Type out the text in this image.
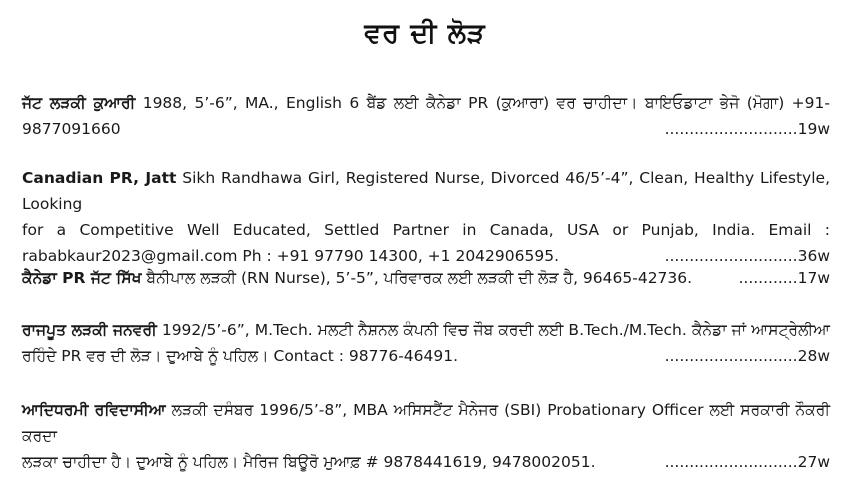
ਵਰ ਦੀ ਲੋੜ

ਜੱਟ ਲੜਕੀ ਕੁਆਰੀ 1988, 5’-6”, MA., English 6 ਬੈਂਡ ਲਈ ਕੈਨੇਡਾ PR (ਕੁਆਰਾ) ਵਰ ਚਾਹੀਦਾ। ਬਾਇਓਡਾਟਾ ਭੇਜੋ (ਮੋਗਾ) +91-

9877091660	...........................19w

Canadian PR, Jatt Sikh Randhawa Girl, Registered Nurse, Divorced 46/5’-4”, Clean, Healthy Lifestyle, Looking

for a Competitive Well Educated, Settled Partner in Canada, USA or Punjab, India. Email :

rababkaur2023@gmail.com Ph : +91 97790 14300, +1 2042906595.	...........................36w

ਕੈਨੇਡਾ PR ਜੱਟ ਸਿੱਖ ਬੈਨੀਪਾਲ ਲੜਕੀ (RN Nurse), 5’-5”, ਪਰਿਵਾਰਕ ਲਈ ਲੜਕੀ ਦੀ ਲੋੜ ਹੈ, 96465-42736.	............17w

ਰਾਜਪੂਤ ਲੜਕੀ ਜਨਵਰੀ 1992/5’-6”, M.Tech. ਮਲਟੀ ਨੈਸ਼ਨਲ ਕੰਪਨੀ ਵਿਚ ਜੌਬ ਕਰਦੀ ਲਈ B.Tech./M.Tech. ਕੈਨੇਡਾ ਜਾਂ ਆਸਟ੍ਰੇਲੀਆ

ਰਹਿੰਦੇ PR ਵਰ ਦੀ ਲੋੜ। ਦੁਆਬੇ ਨੂੰ ਪਹਿਲ। Contact : 98776-46491.	...........................28w

ਆਦਿਧਰਮੀ ਰਵਿਦਾਸੀਆ ਲੜਕੀ ਦਸੰਬਰ 1996/5’-8”, MBA ਅਸਿਸਟੈਂਟ ਮੈਨੇਜਰ (SBI) Probationary Officer ਲਈ ਸਰਕਾਰੀ ਨੌਕਰੀ ਕਰਦਾ

ਲੜਕਾ ਚਾਹੀਦਾ ਹੈ। ਦੁਆਬੇ ਨੂੰ ਪਹਿਲ। ਮੈਰਿਜ ਬਿਊਰੋ ਮੁਆਫ਼ # 9878441619, 9478002051.	...........................27w
